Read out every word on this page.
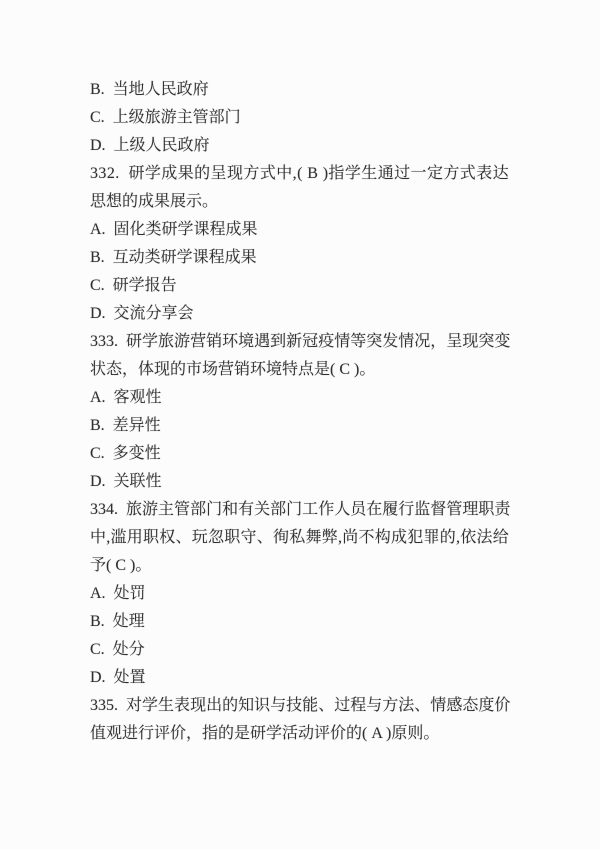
B.  当地人民政府
C.  上级旅游主管部门
D.  上级人民政府
3 3 2 .

研 学 成 果 的 呈 现 方 式 中 , (
B
) 指 学 生 通 过 一 定 方 式 表 达
思想的成果展示。
A.  固化类研学课程成果
B.  互动类研学课程成果
C.  研学报告
D.  交流分享会
3 3 3 .

研 学 旅 游 营 销 环 境 遇 到 新 冠 疫 情 等 突 发 情 况 ， 呈 现 突 变
状态，体现的市场营销环境特点是( C )。
A.  客观性
B.  差异性
C.  多变性
D.  关联性
3 3 4 .

旅 游 主 管 部 门 和 有 关 部 门 工 作 人 员 在 履 行 监 督 管 理 职 责
中 , 滥 用 职 权 、 玩 忽 职 守 、 徇 私 舞 弊 , 尚 不 构 成 犯 罪 的 , 依 法 给
予( C )。
A.  处罚
B.  处理
C.  处分
D.  处置
3 3 5 .

对 学 生 表 现 出 的 知 识 与 技 能 、 过 程 与 方 法 、 情 感 态 度 价
值观进行评价，指的是研学活动评价的( A )原则。
